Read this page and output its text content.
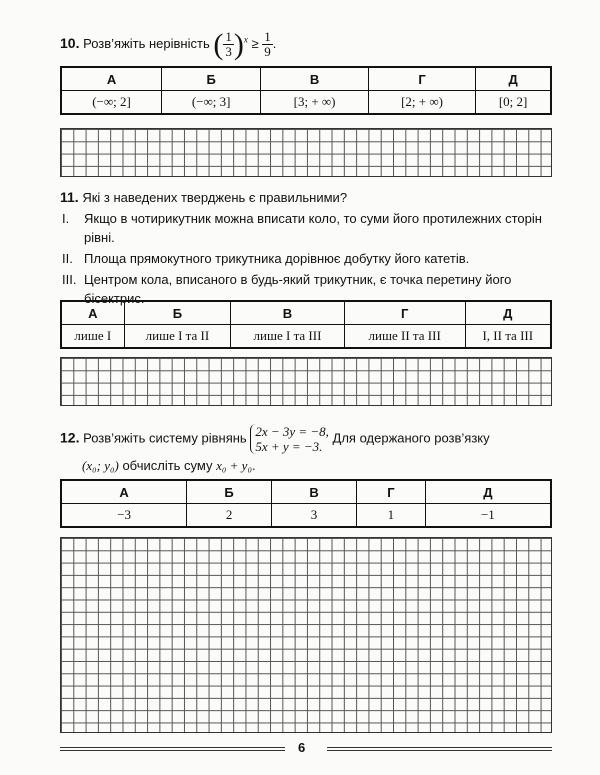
10. Розв’яжіть нерівність ( $\frac{1}{3} )^x \ge \frac{1}{9}$ .
А	Б	В	Г	Д
(−∞; 2]	(−∞; 3]	[3; + ∞)	[2; + ∞)	[0; 2]
11. Які з наведених тверджень є правильними?
I. Якщо в чотирикутник можна вписати коло, то суми його протилежних сторін рівні.
II. Площа прямокутного трикутника дорівнює добутку його катетів.
III. Центром кола, вписаного в будь-який трикутник, є точка перетину його бісектрис.
А	Б	В	Г	Д
лише I	лише I та II	лише I та III	лише II та III	I, II та III
12. Розв’яжіть систему рівнянь 2x − 3y = −8,
5x + y = −3. Для одержаного розв’язку
(x₀; y₀) обчисліть суму x₀ + y₀.
А	Б	В	Г	Д
−3	2	3	1	−1
6
